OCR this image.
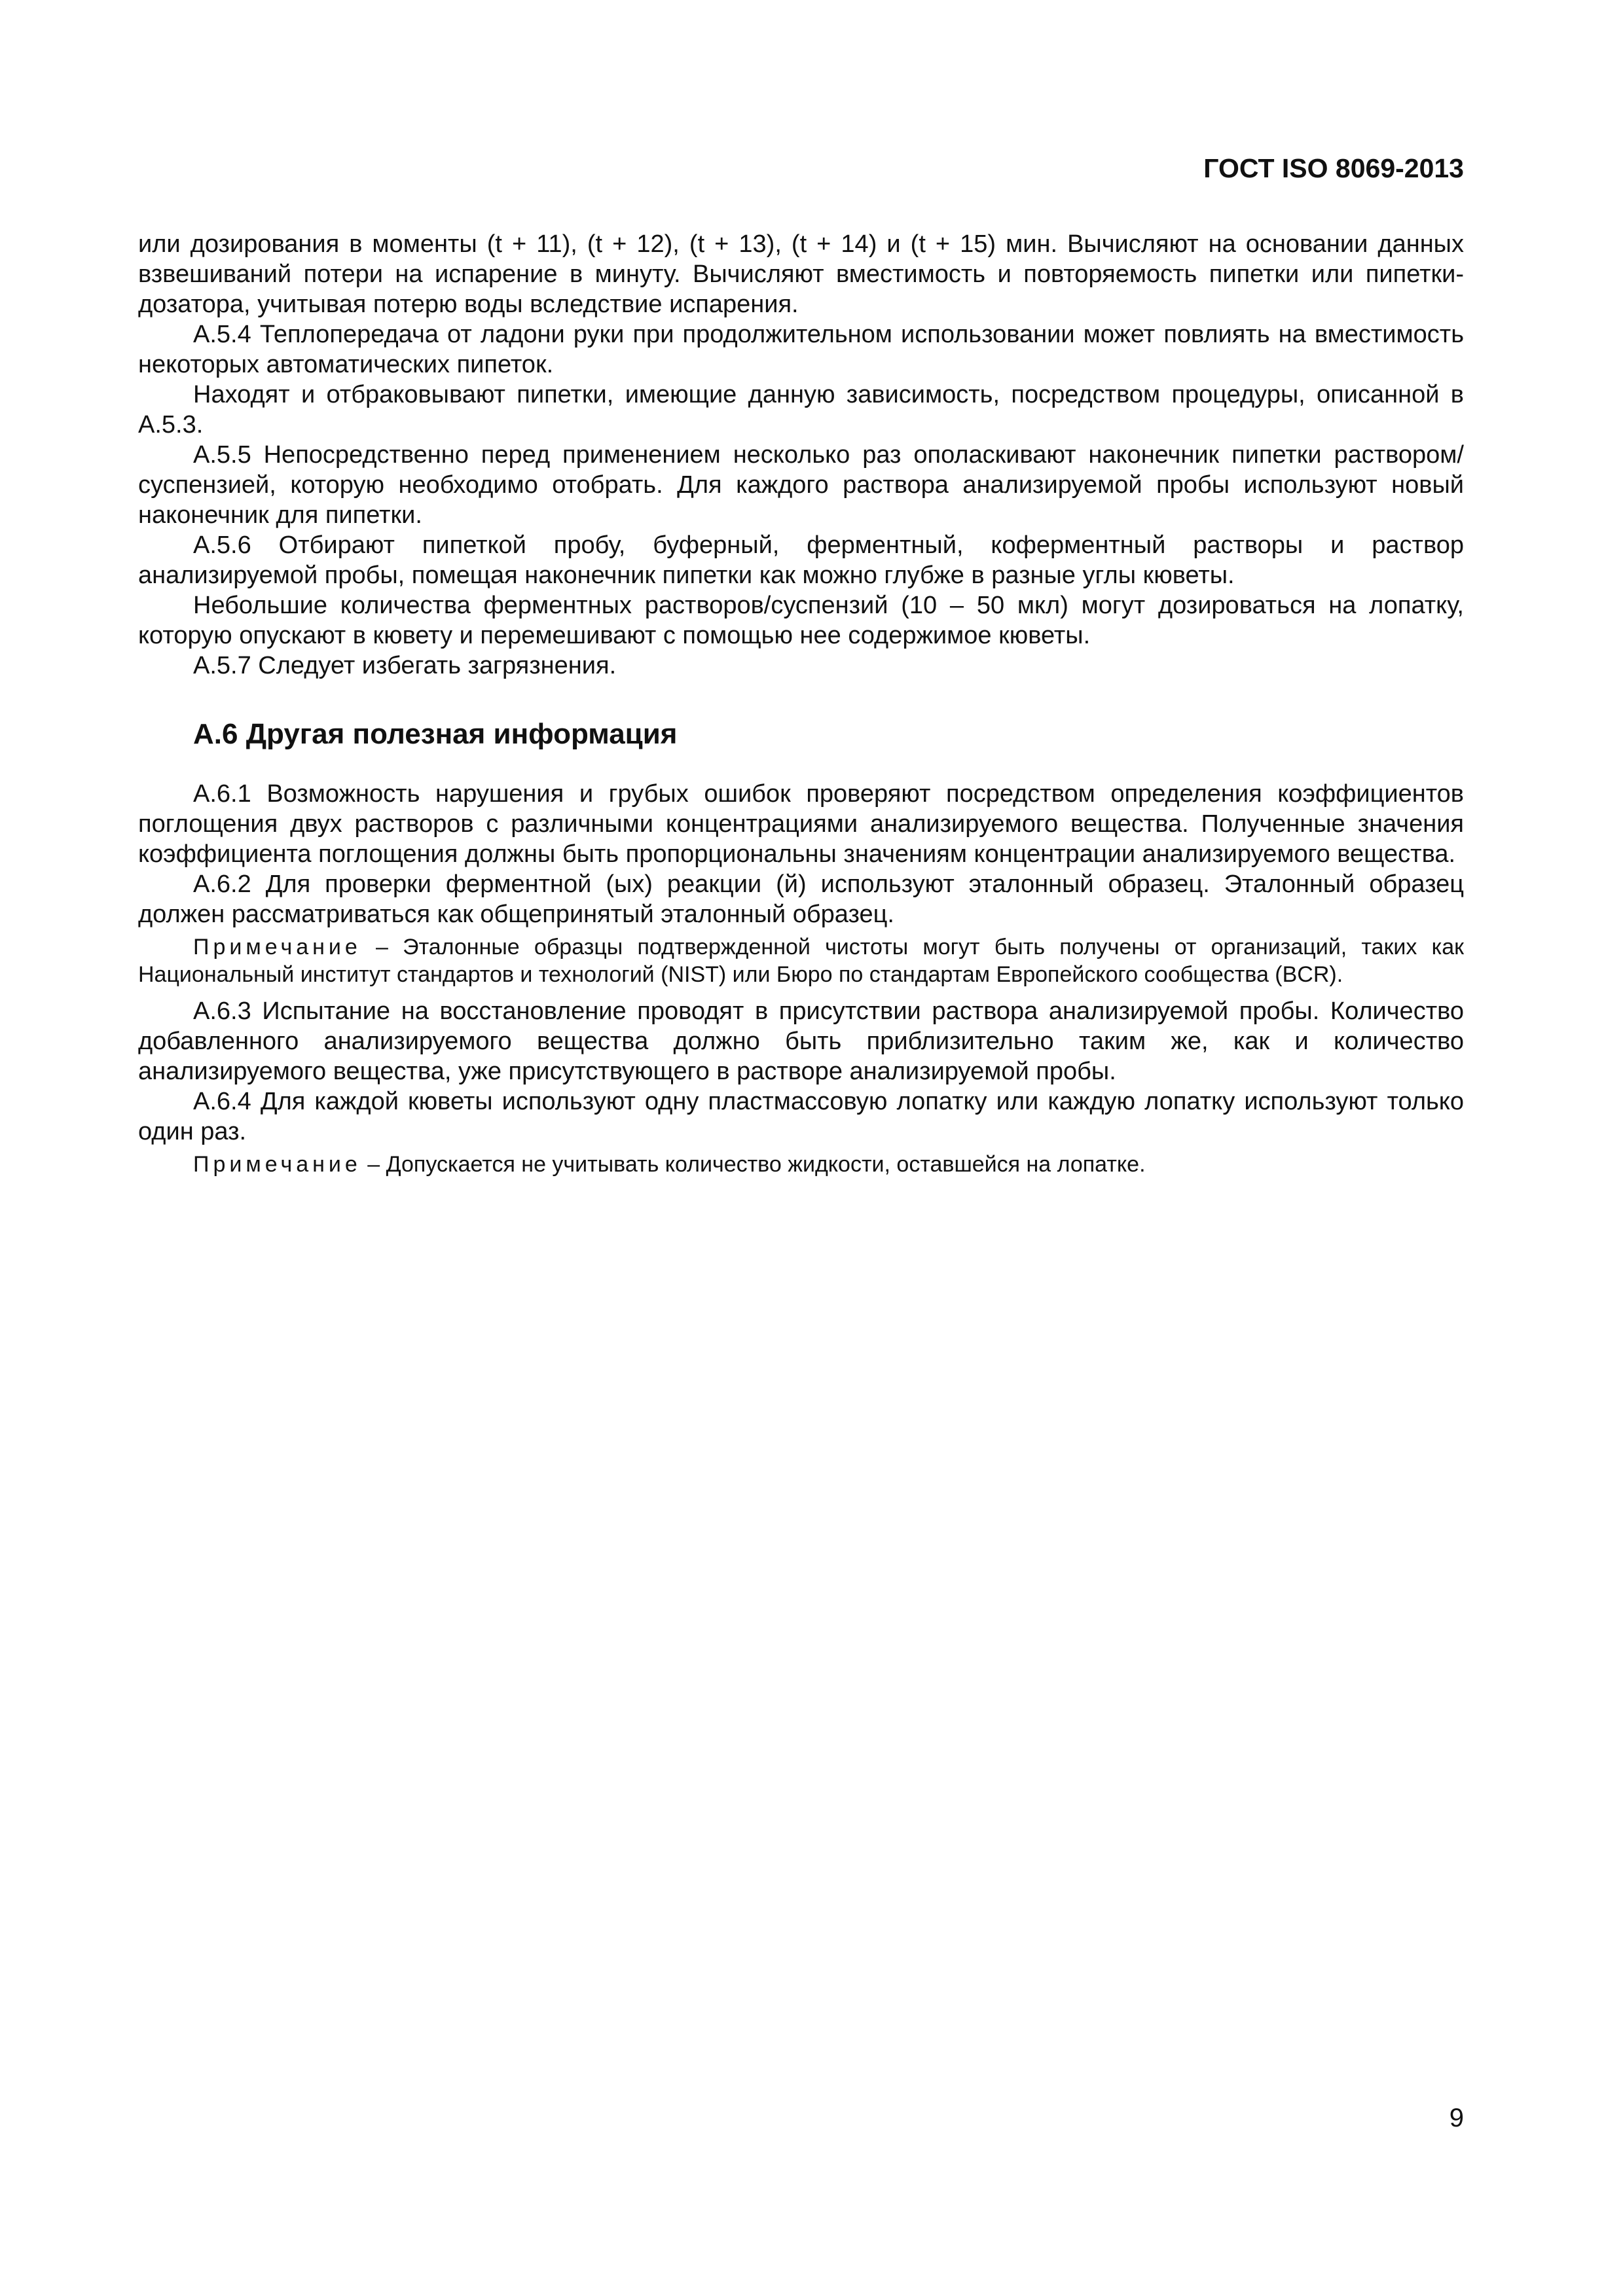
ГОСТ ISO 8069-2013

или дозирования в моменты (t + 11), (t + 12), (t + 13), (t + 14) и (t + 15) мин. Вычисляют на основании данных взвешиваний потери на испарение в минуту. Вычисляют вместимость и повторяемость пипетки или пипетки-дозатора, учитывая потерю воды вследствие испарения.

А.5.4 Теплопередача от ладони руки при продолжительном использовании может повлиять на вместимость некоторых автоматических пипеток.

Находят и отбраковывают пипетки, имеющие данную зависимость, посредством процедуры, описанной в А.5.3.

А.5.5 Непосредственно перед применением несколько раз ополаскивают наконечник пипетки раствором/суспензией, которую необходимо отобрать. Для каждого раствора анализируемой пробы используют новый наконечник для пипетки.

А.5.6 Отбирают пипеткой пробу, буферный, ферментный, коферментный растворы и раствор анализируемой пробы, помещая наконечник пипетки как можно глубже в разные углы кюветы.

Небольшие количества ферментных растворов/суспензий (10 – 50 мкл) могут дозироваться на лопатку, которую опускают в кювету и перемешивают с помощью нее содержимое кюветы.

А.5.7 Следует избегать загрязнения.

А.6 Другая полезная информация

А.6.1 Возможность нарушения и грубых ошибок проверяют посредством определения коэффициентов поглощения двух растворов с различными концентрациями анализируемого вещества. Полученные значения коэффициента поглощения должны быть пропорциональны значениям концентрации анализируемого вещества.

А.6.2 Для проверки ферментной (ых) реакции (й) используют эталонный образец. Эталонный образец должен рассматриваться как общепринятый эталонный образец.

Примечание – Эталонные образцы подтвержденной чистоты могут быть получены от организаций, таких как Национальный институт стандартов и технологий (NIST) или Бюро по стандартам Европейского сообщества (BCR).

А.6.3 Испытание на восстановление проводят в присутствии раствора анализируемой пробы. Количество добавленного анализируемого вещества должно быть приблизительно таким же, как и количество анализируемого вещества, уже присутствующего в растворе анализируемой пробы.

А.6.4 Для каждой кюветы используют одну пластмассовую лопатку или каждую лопатку используют только один раз.

Примечание – Допускается не учитывать количество жидкости, оставшейся на лопатке.

9
